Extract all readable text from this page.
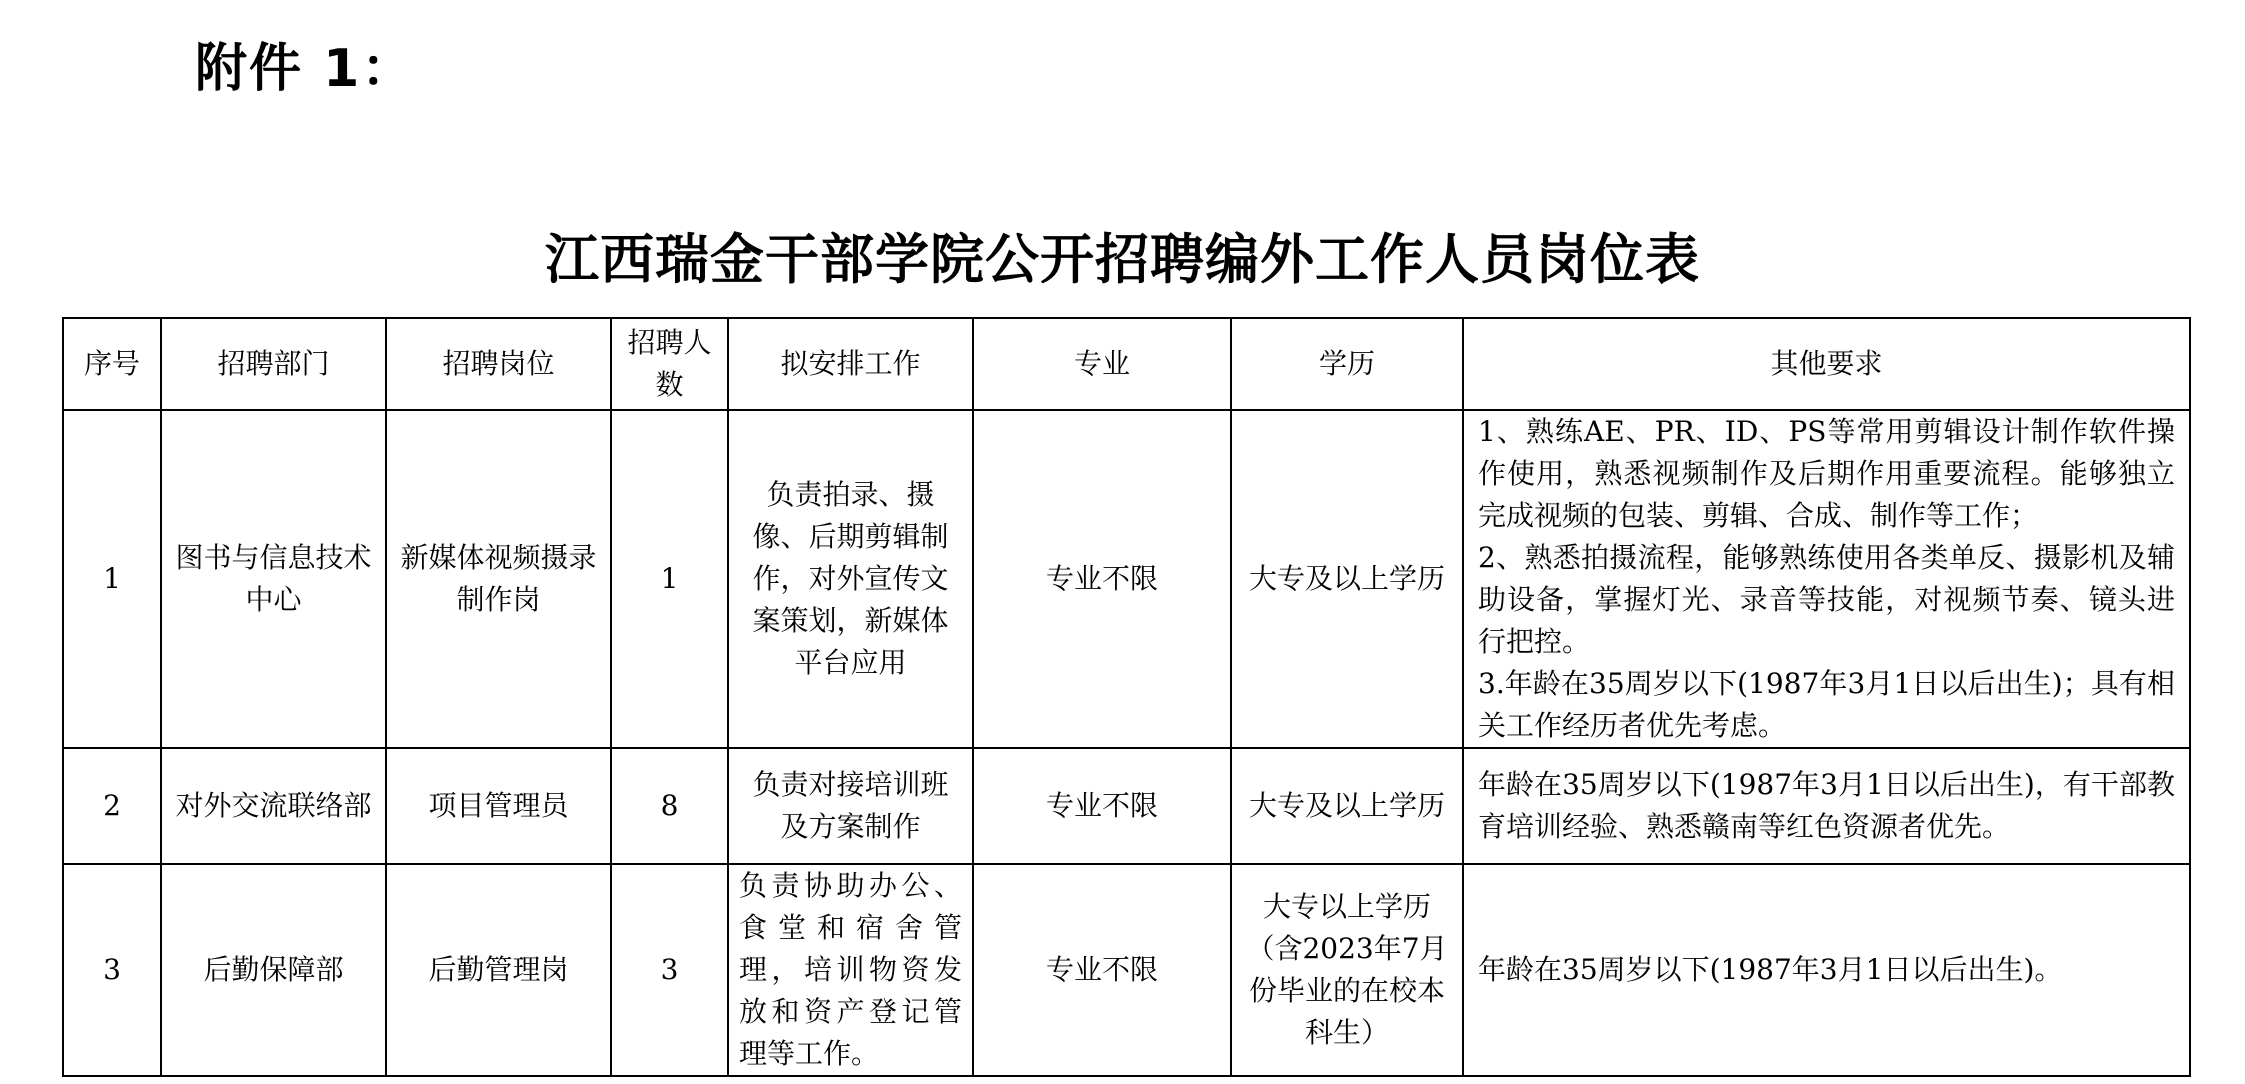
附件 1：
江西瑞金干部学院公开招聘编外工作人员岗位表
序号	招聘部门	招聘岗位	招聘人数	拟安排工作	专业	学历	其他要求
1	图书与信息技术中心	新媒体视频摄录制作岗	1	负责拍录、摄像、后期剪辑制作，对外宣传文案策划，新媒体平台应用	专业不限	大专及以上学历	1、熟练AE、PR、ID、PS等常用剪辑设计制作软件操作使用，熟悉视频制作及后期作用重要流程。能够独立完成视频的包装、剪辑、合成、制作等工作；
2、熟悉拍摄流程，能够熟练使用各类单反、摄影机及辅助设备，掌握灯光、录音等技能，对视频节奏、镜头进行把控。
3.年龄在35周岁以下(1987年3月1日以后出生)；具有相关工作经历者优先考虑。

2	对外交流联络部	项目管理员	8	负责对接培训班及方案制作	专业不限	大专及以上学历	年龄在35周岁以下(1987年3月1日以后出生)，有干部教育培训经验、熟悉赣南等红色资源者优先。

3	后勤保障部	后勤管理岗	3	负责协助办公、食堂和宿舍管理，培训物资发放和资产登记管理等工作。	专业不限	大专以上学历（含2023年7月份毕业的在校本科生）	年龄在35周岁以下(1987年3月1日以后出生)。
